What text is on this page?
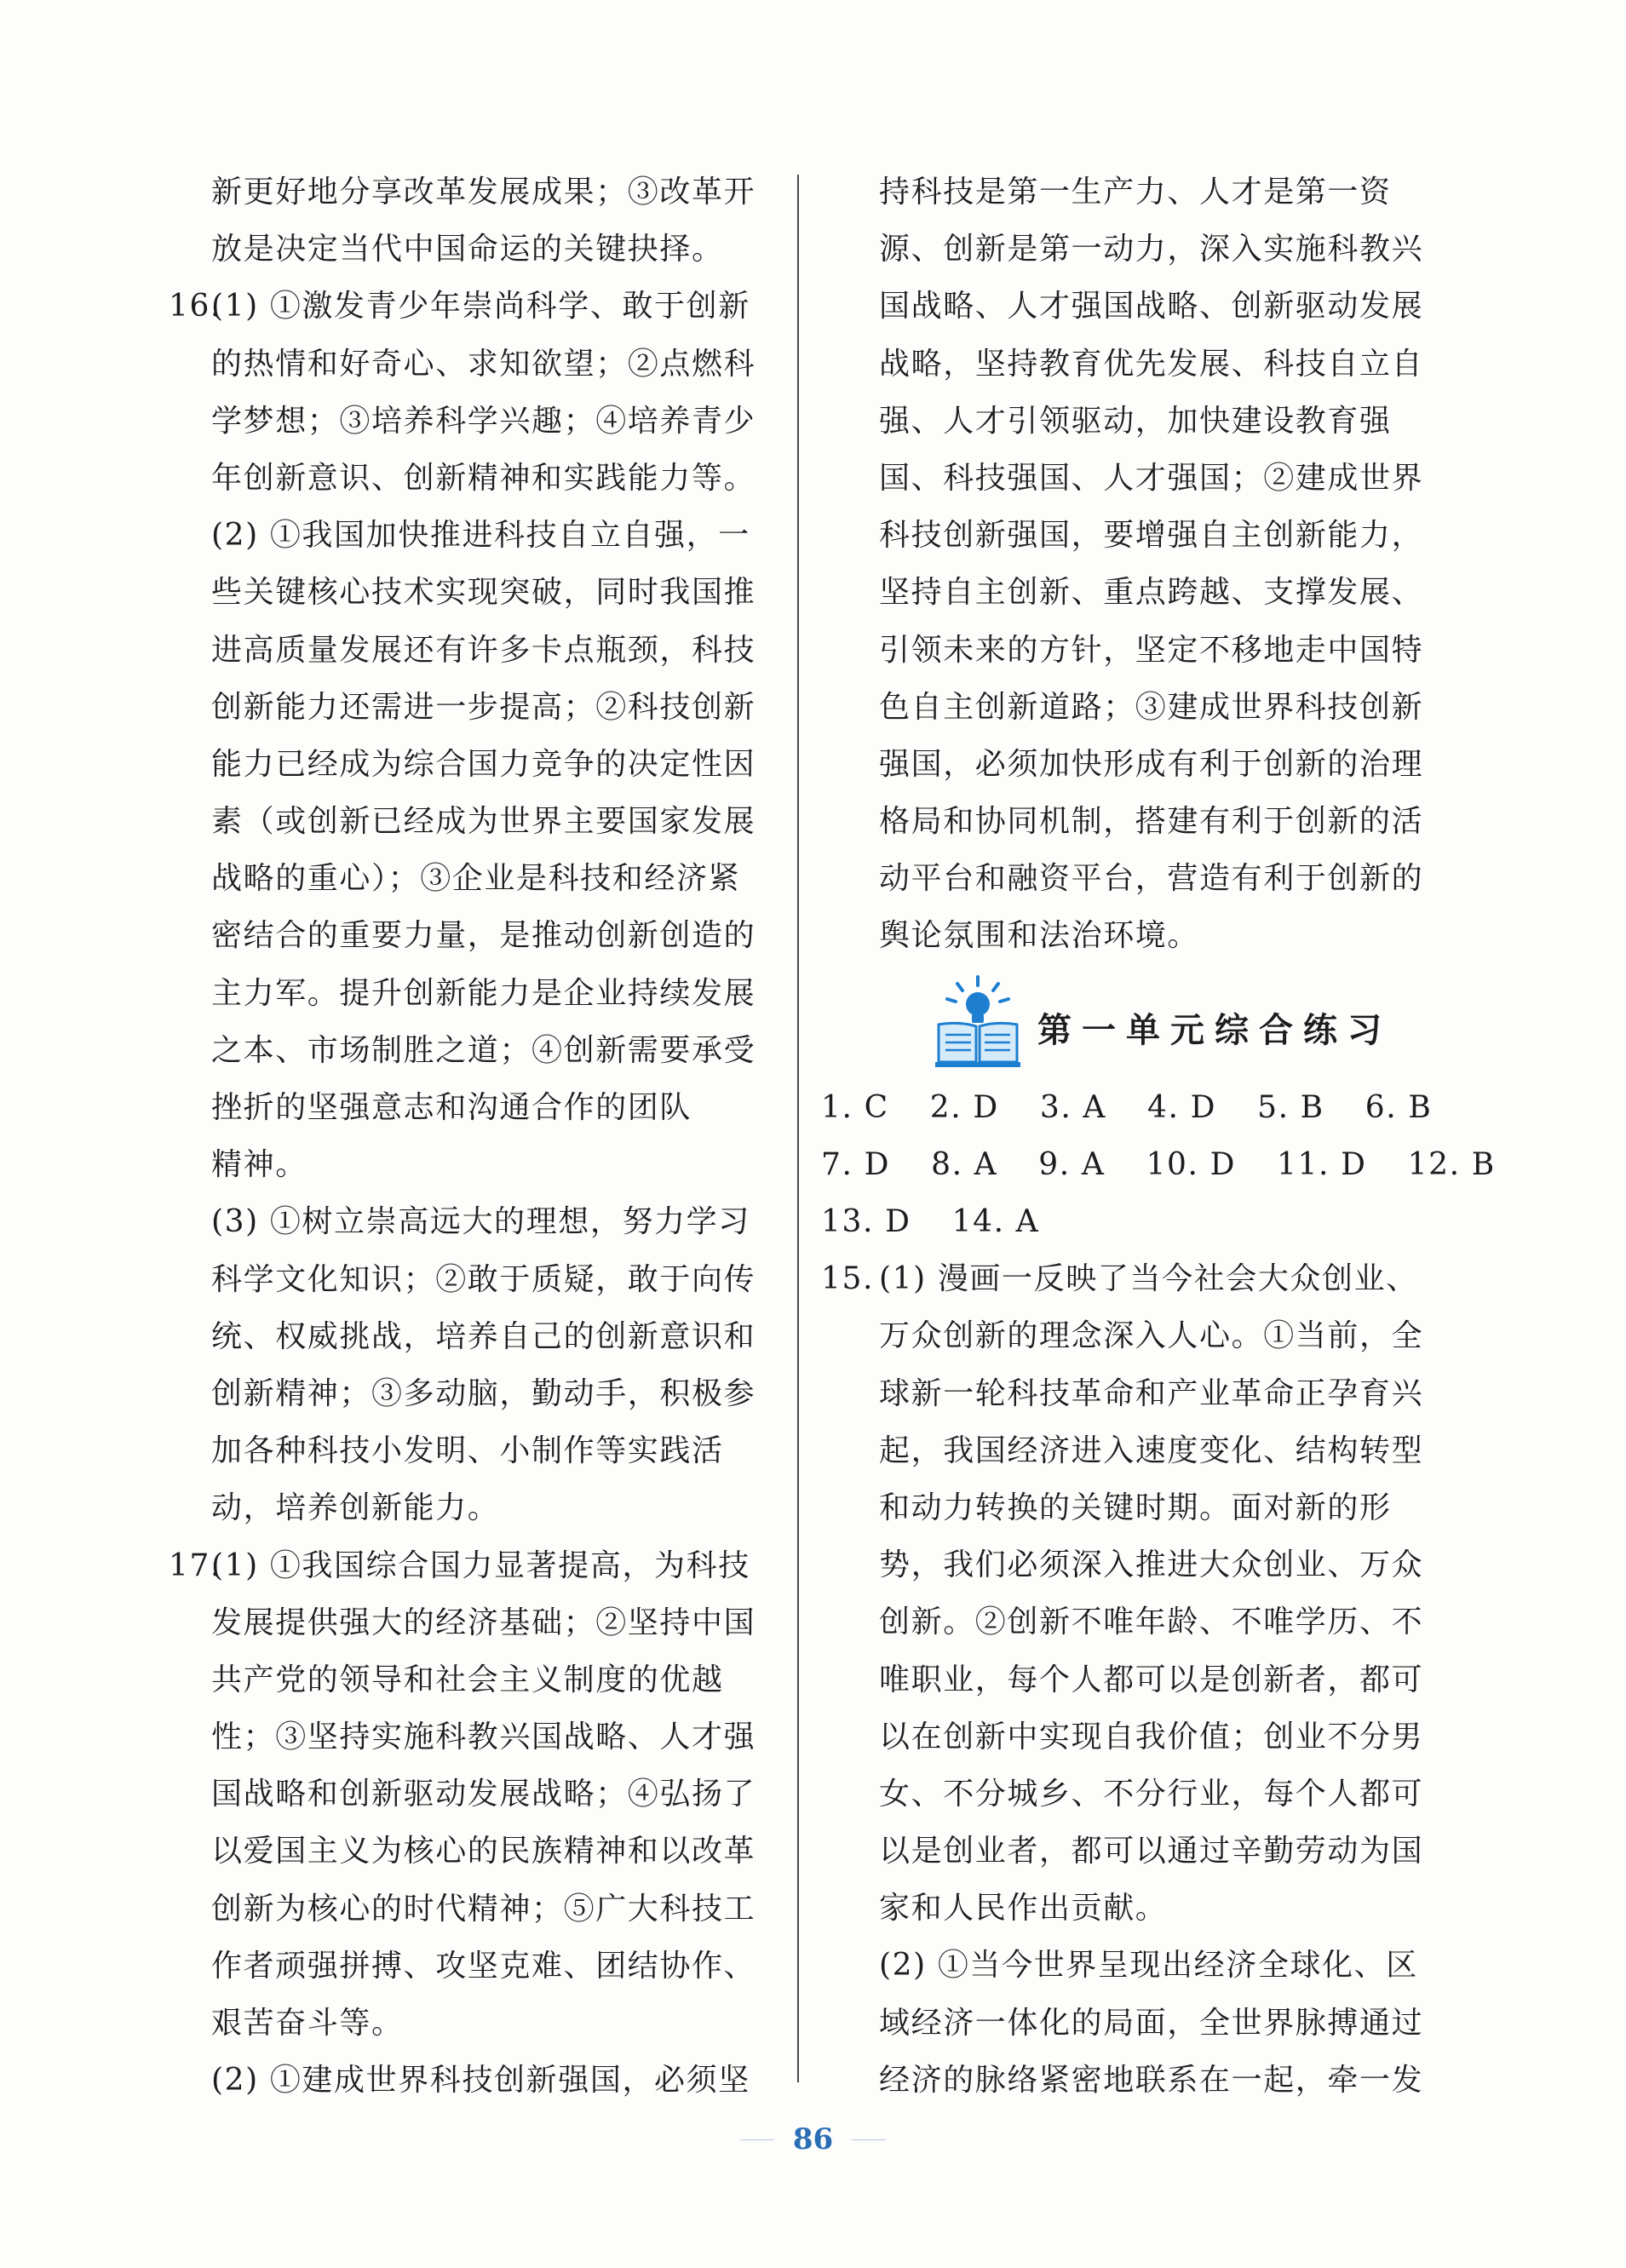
新更好地分享改革发展成果；③改革开
放是决定当代中国命运的关键抉择。
16.(1) ①激发青少年崇尚科学、敢于创新
的热情和好奇心、求知欲望；②点燃科
学梦想；③培养科学兴趣；④培养青少
年创新意识、创新精神和实践能力等。
(2) ①我国加快推进科技自立自强，一
些关键核心技术实现突破，同时我国推
进高质量发展还有许多卡点瓶颈，科技
创新能力还需进一步提高；②科技创新
能力已经成为综合国力竞争的决定性因
素（或创新已经成为世界主要国家发展
战略的重心）；③企业是科技和经济紧
密结合的重要力量，是推动创新创造的
主力军。提升创新能力是企业持续发展
之本、市场制胜之道；④创新需要承受
挫折的坚强意志和沟通合作的团队
精神。
(3) ①树立崇高远大的理想，努力学习
科学文化知识；②敢于质疑，敢于向传
统、权威挑战，培养自己的创新意识和
创新精神；③多动脑，勤动手，积极参
加各种科技小发明、小制作等实践活
动，培养创新能力。
17.(1) ①我国综合国力显著提高，为科技
发展提供强大的经济基础；②坚持中国
共产党的领导和社会主义制度的优越
性；③坚持实施科教兴国战略、人才强
国战略和创新驱动发展战略；④弘扬了
以爱国主义为核心的民族精神和以改革
创新为核心的时代精神；⑤广大科技工
作者顽强拼搏、攻坚克难、团结协作、
艰苦奋斗等。
(2) ①建成世界科技创新强国，必须坚
持科技是第一生产力、人才是第一资
源、创新是第一动力，深入实施科教兴
国战略、人才强国战略、创新驱动发展
战略，坚持教育优先发展、科技自立自
强、人才引领驱动，加快建设教育强
国、科技强国、人才强国；②建成世界
科技创新强国，要增强自主创新能力，
坚持自主创新、重点跨越、支撑发展、
引领未来的方针，坚定不移地走中国特
色自主创新道路；③建成世界科技创新
强国，必须加快形成有利于创新的治理
格局和协同机制，搭建有利于创新的活
动平台和融资平台，营造有利于创新的
舆论氛围和法治环境。
第一单元综合练习
1. C 2. D 3. A 4. D 5. B 6. B
7. D 8. A 9. A 10. D 11. D 12. B
13. D 14. A
15. (1) 漫画一反映了当今社会大众创业、
万众创新的理念深入人心。①当前，全
球新一轮科技革命和产业革命正孕育兴
起，我国经济进入速度变化、结构转型
和动力转换的关键时期。面对新的形
势，我们必须深入推进大众创业、万众
创新。②创新不唯年龄、不唯学历、不
唯职业，每个人都可以是创新者，都可
以在创新中实现自我价值；创业不分男
女、不分城乡、不分行业，每个人都可
以是创业者，都可以通过辛勤劳动为国
家和人民作出贡献。
(2) ①当今世界呈现出经济全球化、区
域经济一体化的局面，全世界脉搏通过
经济的脉络紧密地联系在一起，牵一发
86
